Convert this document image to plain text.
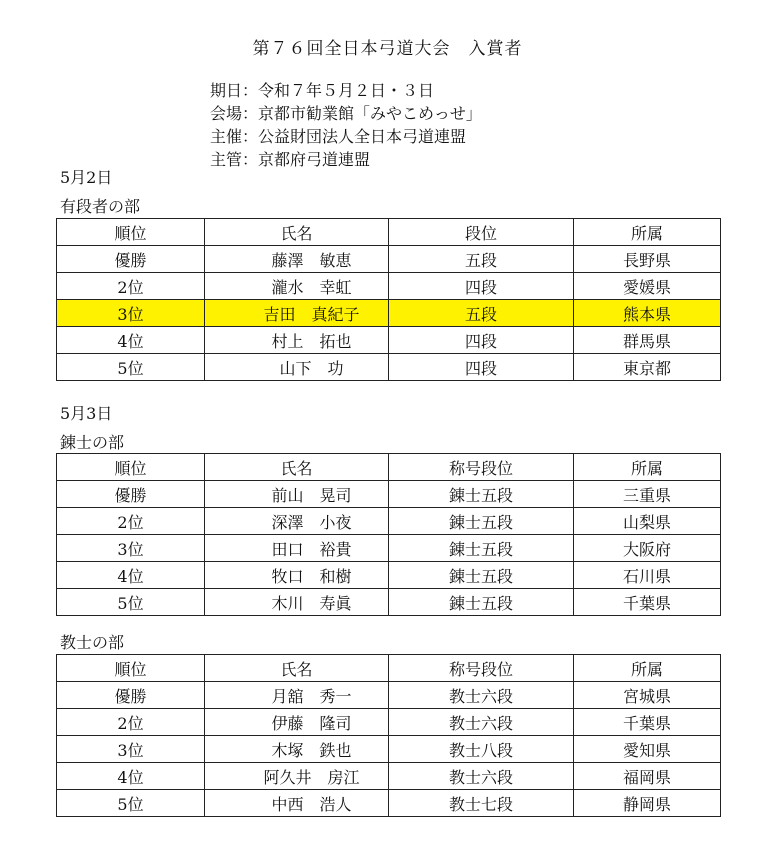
第７６回全日本弓道大会　入賞者
期日：令和７年５月２日・３日
会場：京都市勧業館「みやこめっせ」
主催：公益財団法人全日本弓道連盟
主管：京都府弓道連盟
5月2日
有段者の部
順位	氏名	段位	所属
優勝	藤澤　敏恵	五段	長野県
2位	瀧水　幸虹	四段	愛媛県
3位	吉田　真紀子	五段	熊本県
4位	村上　拓也	四段	群馬県
5位	山下　功	四段	東京都
5月3日
錬士の部
順位	氏名	称号段位	所属
優勝	前山　晃司	錬士五段	三重県
2位	深澤　小夜	錬士五段	山梨県
3位	田口　裕貴	錬士五段	大阪府
4位	牧口　和樹	錬士五段	石川県
5位	木川　寿眞	錬士五段	千葉県
教士の部
順位	氏名	称号段位	所属
優勝	月舘　秀一	教士六段	宮城県
2位	伊藤　隆司	教士六段	千葉県
3位	木塚　鉄也	教士八段	愛知県
4位	阿久井　房江	教士六段	福岡県
5位	中西　浩人	教士七段	静岡県
